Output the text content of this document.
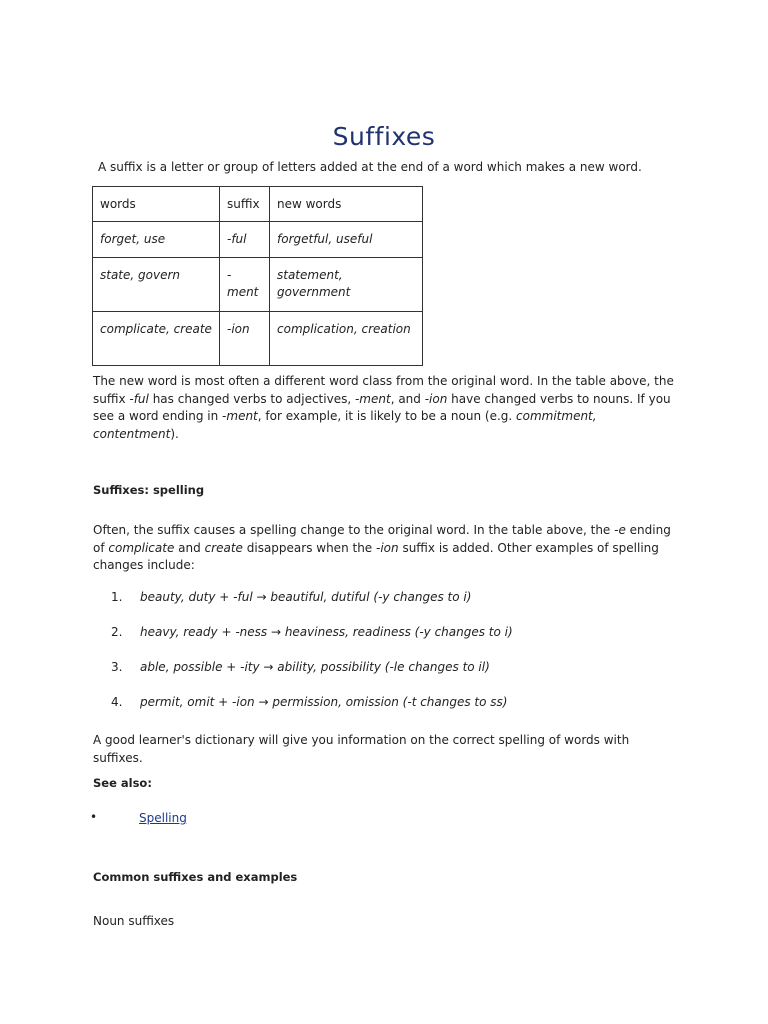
Suffixes
A suffix is a letter or group of letters added at the end of a word which makes a new word.
words	suffix	new words
forget, use	-ful	forgetful, useful
state, govern	-ment	statement, government
complicate, create	-ion	complication, creation
The new word is most often a different word class from the original word. In the table above, the suffix -ful has changed verbs to adjectives, -ment, and -ion have changed verbs to nouns. If you see a word ending in -ment, for example, it is likely to be a noun (e.g. commitment, contentment).
Suffixes: spelling
Often, the suffix causes a spelling change to the original word. In the table above, the -e ending of complicate and create disappears when the -ion suffix is added. Other examples of spelling changes include:
1. beauty, duty + -ful → beautiful, dutiful (-y changes to i)
2. heavy, ready + -ness → heaviness, readiness (-y changes to i)
3. able, possible + -ity → ability, possibility (-le changes to il)
4. permit, omit + -ion → permission, omission (-t changes to ss)
A good learner's dictionary will give you information on the correct spelling of words with suffixes.
See also:
•	Spelling
Common suffixes and examples
Noun suffixes
